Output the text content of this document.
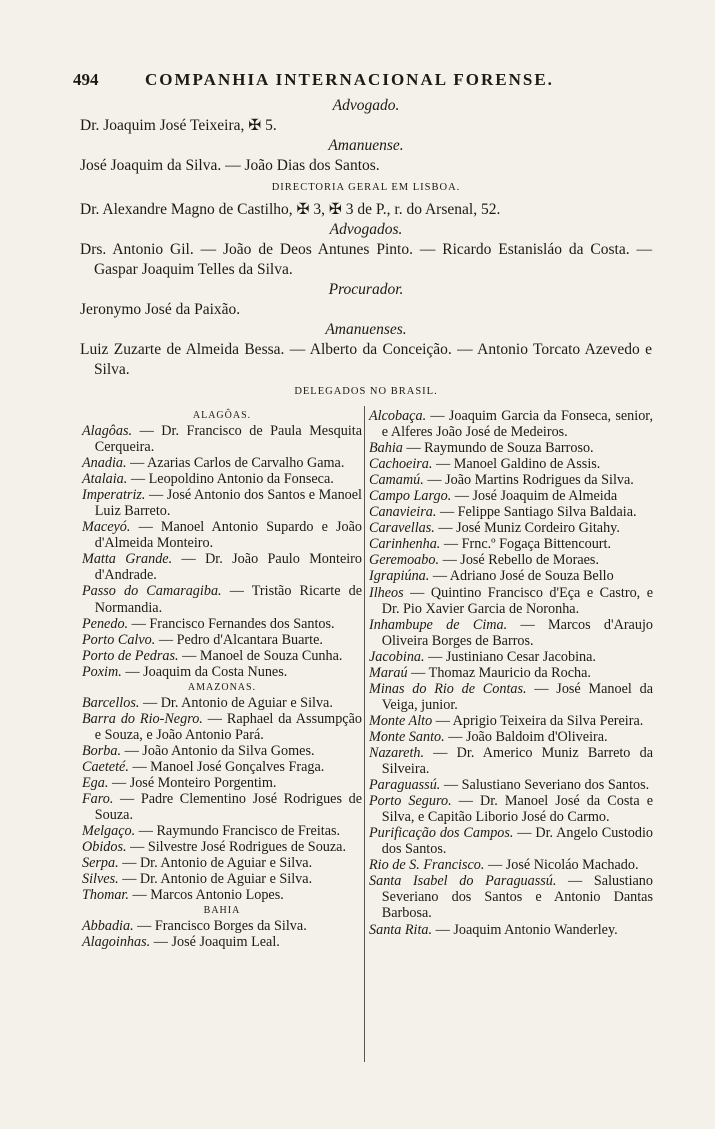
494	COMPANHIA INTERNACIONAL FORENSE.
Advogado.
Dr. Joaquim José Teixeira, ✠ 5.
Amanuense.
José Joaquim da Silva. — João Dias dos Santos.
DIRECTORIA GERAL EM LISBOA.
Dr. Alexandre Magno de Castilho, ✠ 3, ✠ 3 de P., r. do Arsenal, 52.
Advogados.
Drs. Antonio Gil. — João de Deos Antunes Pinto. — Ricardo Estanisláo da Costa. — Gaspar Joaquim Telles da Silva.
Procurador.
Jeronymo José da Paixão.
Amanuenses.
Luiz Zuzarte de Almeida Bessa. — Alberto da Conceição. — Antonio Torcato Azevedo e Silva.
DELEGADOS NO BRASIL.
ALAGÔAS.
Alagôas. — Dr. Francisco de Paula Mesquita Cerqueira.
Anadia. — Azarias Carlos de Carvalho Gama.
Atalaia. — Leopoldino Antonio da Fonseca.
Imperatriz. — José Antonio dos Santos e Manoel Luiz Barreto.
Maceyó. — Manoel Antonio Supardo e João d'Almeida Monteiro.
Matta Grande. — Dr. João Paulo Monteiro d'Andrade.
Passo do Camaragiba. — Tristão Ricarte de Normandia.
Penedo. — Francisco Fernandes dos Santos.
Porto Calvo. — Pedro d'Alcantara Buarte.
Porto de Pedras. — Manoel de Souza Cunha.
Poxim. — Joaquim da Costa Nunes.
AMAZONAS.
Barcellos. — Dr. Antonio de Aguiar e Silva.
Barra do Rio-Negro. — Raphael da Assumpção e Souza, e João Antonio Pará.
Borba. — João Antonio da Silva Gomes.
Caeteté. — Manoel José Gonçalves Fraga.
Ega. — José Monteiro Porgentim.
Faro. — Padre Clementino José Rodrigues de Souza.
Melgaço. — Raymundo Francisco de Freitas.
Obidos. — Silvestre José Rodrigues de Souza.
Serpa. — Dr. Antonio de Aguiar e Silva.
Silves. — Dr. Antonio de Aguiar e Silva.
Thomar. — Marcos Antonio Lopes.
BAHIA
Abbadia. — Francisco Borges da Silva.
Alagoinhas. — José Joaquim Leal.
Alcobaça. — Joaquim Garcia da Fonseca, senior, e Alferes João José de Medeiros.
Bahia — Raymundo de Souza Barroso.
Cachoeira. — Manoel Galdino de Assis.
Camamú. — João Martins Rodrigues da Silva.
Campo Largo. — José Joaquim de Almeida
Canavieira. — Felippe Santiago Silva Baldaia.
Caravellas. — José Muniz Cordeiro Gitahy.
Carinhenha. — Frnc.º Fogaça Bittencourt.
Geremoabo. — José Rebello de Moraes.
Igrapiúna. — Adriano José de Souza Bello
Ilheos — Quintino Francisco d'Eça e Castro, e Dr. Pio Xavier Garcia de Noronha.
Inhambupe de Cima. — Marcos d'Araujo Oliveira Borges de Barros.
Jacobina. — Justiniano Cesar Jacobina.
Maraú — Thomaz Mauricio da Rocha.
Minas do Rio de Contas. — José Manoel da Veiga, junior.
Monte Alto — Aprigio Teixeira da Silva Pereira.
Monte Santo. — João Baldoim d'Oliveira.
Nazareth. — Dr. Americo Muniz Barreto da Silveira.
Paraguassú. — Salustiano Severiano dos Santos.
Porto Seguro. — Dr. Manoel José da Costa e Silva, e Capitão Liborio José do Carmo.
Purificação dos Campos. — Dr. Angelo Custodio dos Santos.
Rio de S. Francisco. — José Nicoláo Machado.
Santa Isabel do Paraguassú. — Salustiano Severiano dos Santos e Antonio Dantas Barbosa.
Santa Rita. — Joaquim Antonio Wanderley.
